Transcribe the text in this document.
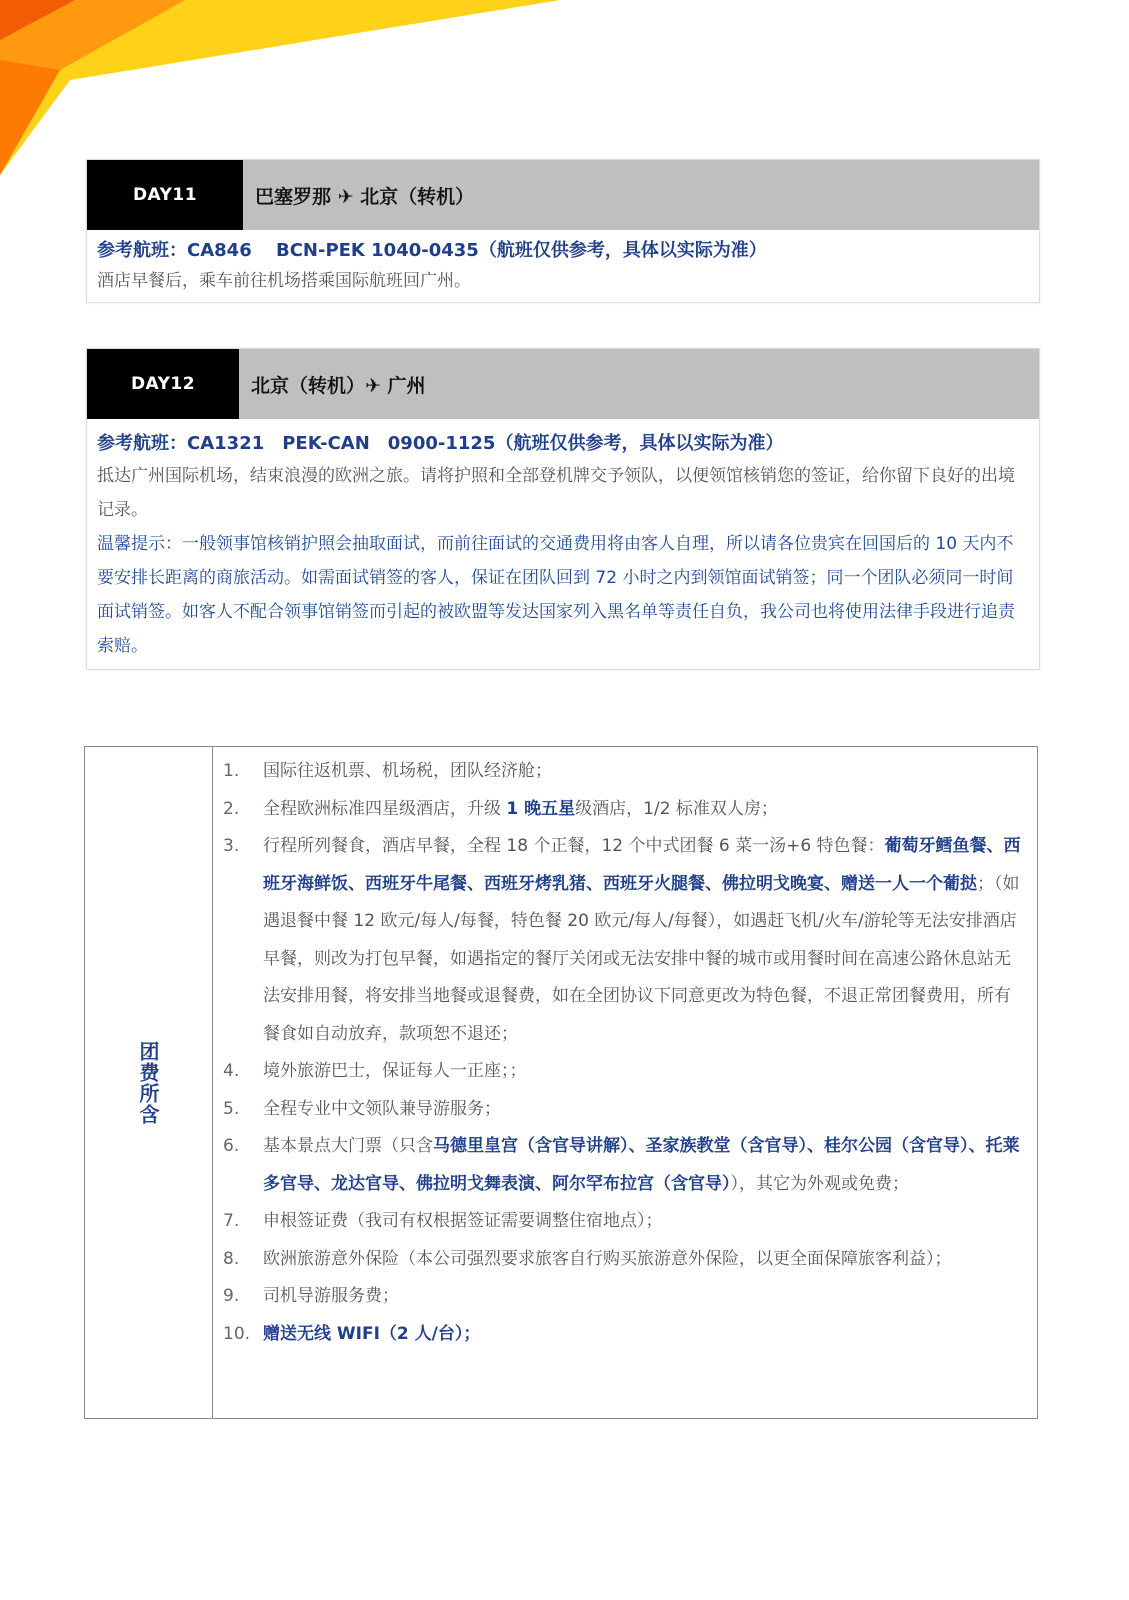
DAY11	巴塞罗那 ✈ 北京（转机）
参考航班：CA846　 BCN-PEK 1040-0435（航班仅供参考，具体以实际为准）

酒店早餐后，乘车前往机场搭乘国际航班回广州。

DAY12	北京（转机）✈ 广州
参考航班：CA1321　PEK-CAN　0900-1125（航班仅供参考，具体以实际为准）

抵达广州国际机场，结束浪漫的欧洲之旅。请将护照和全部登机牌交予领队，以便领馆核销您的签证，给你留下良好的出境记录。

温馨提示：一般领事馆核销护照会抽取面试，而前往面试的交通费用将由客人自理，所以请各位贵宾在回国后的 10 天内不要安排长距离的商旅活动。如需面试销签的客人，保证在团队回到 72 小时之内到领馆面试销签；同一个团队必须同一时间面试销签。如客人不配合领事馆销签而引起的被欧盟等发达国家列入黑名单等责任自负，我公司也将使用法律手段进行追责索赔。

团费所含
1.	国际往返机票、机场税，团队经济舱；
2.	全程欧洲标准四星级酒店，升级 1 晚五星级酒店，1/2 标准双人房；
3.	行程所列餐食，酒店早餐，全程 18 个正餐，12 个中式团餐 6 菜一汤+6 特色餐：葡萄牙鳕鱼餐、西班牙海鲜饭、西班牙牛尾餐、西班牙烤乳猪、西班牙火腿餐、佛拉明戈晚宴、赠送一人一个葡挞；（如遇退餐中餐 12 欧元/每人/每餐，特色餐 20 欧元/每人/每餐），如遇赶飞机/火车/游轮等无法安排酒店早餐，则改为打包早餐，如遇指定的餐厅关闭或无法安排中餐的城市或用餐时间在高速公路休息站无法安排用餐，将安排当地餐或退餐费，如在全团协议下同意更改为特色餐，不退正常团餐费用，所有餐食如自动放弃，款项恕不退还；
4.	境外旅游巴士，保证每人一正座；；
5.	全程专业中文领队兼导游服务；
6.	基本景点大门票（只含马德里皇宫（含官导讲解）、圣家族教堂（含官导）、桂尔公园（含官导）、托莱多官导、龙达官导、佛拉明戈舞表演、阿尔罕布拉宫（含官导）），其它为外观或免费；
7.	申根签证费（我司有权根据签证需要调整住宿地点）；
8.	欧洲旅游意外保险（本公司强烈要求旅客自行购买旅游意外保险，以更全面保障旅客利益）；
9.	司机导游服务费；
10. 赠送无线 WIFI（2 人/台）；
